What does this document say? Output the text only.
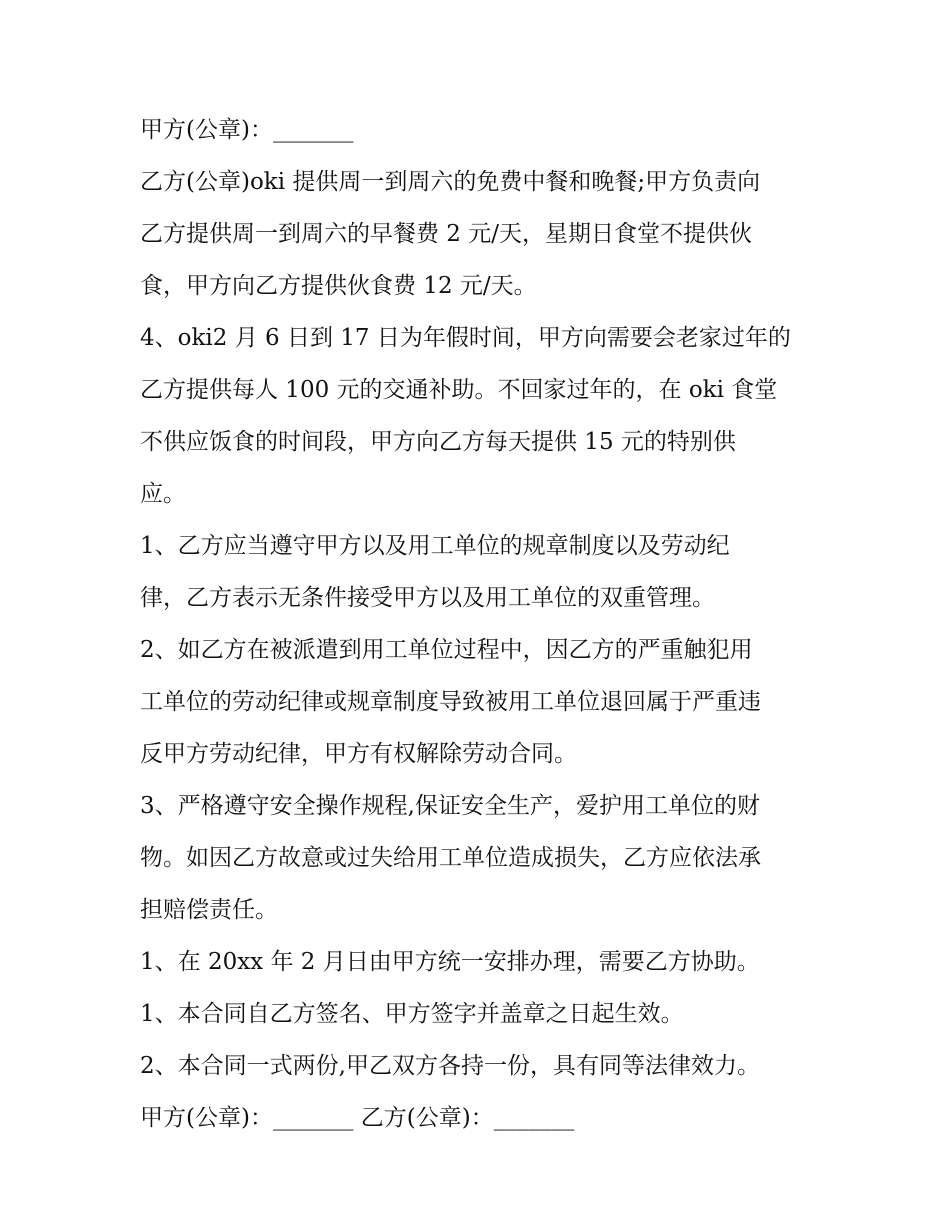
甲方(公章)：_______
乙方(公章)oki 提供周一到周六的免费中餐和晚餐;甲方负责向
乙方提供周一到周六的早餐费 2 元/天，星期日食堂不提供伙
食，甲方向乙方提供伙食费 12 元/天。
4、oki2 月 6 日到 17 日为年假时间，甲方向需要会老家过年的
乙方提供每人 100 元的交通补助。不回家过年的，在 oki 食堂
不供应饭食的时间段，甲方向乙方每天提供 15 元的特别供
应。
1、乙方应当遵守甲方以及用工单位的规章制度以及劳动纪
律，乙方表示无条件接受甲方以及用工单位的双重管理。
2、如乙方在被派遣到用工单位过程中，因乙方的严重触犯用
工单位的劳动纪律或规章制度导致被用工单位退回属于严重违
反甲方劳动纪律，甲方有权解除劳动合同。
3、严格遵守安全操作规程,保证安全生产，爱护用工单位的财
物。如因乙方故意或过失给用工单位造成损失，乙方应依法承
担赔偿责任。
1、在 20xx 年 2 月日由甲方统一安排办理，需要乙方协助。
1、本合同自乙方签名、甲方签字并盖章之日起生效。
2、本合同一式两份,甲乙双方各持一份，具有同等法律效力。
甲方(公章)：_______ 乙方(公章)：_______
